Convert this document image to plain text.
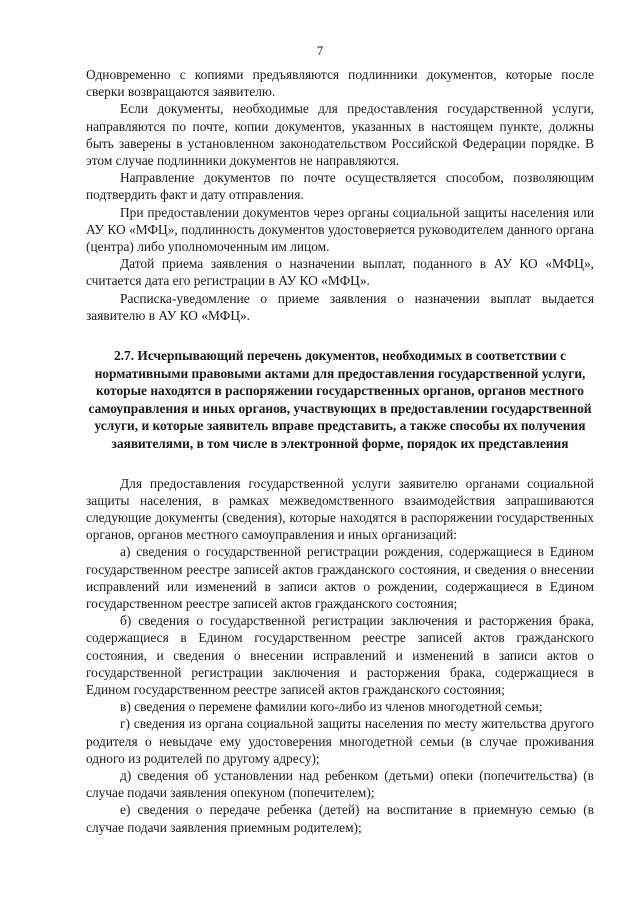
7

Одновременно с копиями предъявляются подлинники документов, которые после сверки возвращаются заявителю.

Если документы, необходимые для предоставления государственной услуги, направляются по почте, копии документов, указанных в настоящем пункте, должны быть заверены в установленном законодательством Российской Федерации порядке. В этом случае подлинники документов не направляются.

Направление документов по почте осуществляется способом, позволяющим подтвердить факт и дату отправления.

При предоставлении документов через органы социальной защиты населения или АУ КО «МФЦ», подлинность документов удостоверяется руководителем данного органа (центра) либо уполномоченным им лицом.

Датой приема заявления о назначении выплат, поданного в АУ КО «МФЦ», считается дата его регистрации в АУ КО «МФЦ».

Расписка-уведомление о приеме заявления о назначении выплат выдается заявителю в АУ КО «МФЦ».

2.7. Исчерпывающий перечень документов, необходимых в соответствии с нормативными правовыми актами для предоставления государственной услуги, которые находятся в распоряжении государственных органов, органов местного самоуправления и иных органов, участвующих в предоставлении государственной услуги, и которые заявитель вправе представить, а также способы их получения заявителями, в том числе в электронной форме, порядок их представления

Для предоставления государственной услуги заявителю органами социальной защиты населения, в рамках межведомственного взаимодействия запрашиваются следующие документы (сведения), которые находятся в распоряжении государственных органов, органов местного самоуправления и иных организаций:

а) сведения о государственной регистрации рождения, содержащиеся в Едином государственном реестре записей актов гражданского состояния, и сведения о внесении исправлений или изменений в записи актов о рождении, содержащиеся в Едином государственном реестре записей актов гражданского состояния;

б) сведения о государственной регистрации заключения и расторжения брака, содержащиеся в Едином государственном реестре записей актов гражданского состояния, и сведения о внесении исправлений и изменений в записи актов о государственной регистрации заключения и расторжения брака, содержащиеся в Едином государственном реестре записей актов гражданского состояния;

в) сведения о перемене фамилии кого-либо из членов многодетной семьи;

г) сведения из органа социальной защиты населения по месту жительства другого родителя о невыдаче ему удостоверения многодетной семьи (в случае проживания одного из родителей по другому адресу);

д) сведения об установлении над ребенком (детьми) опеки (попечительства) (в случае подачи заявления опекуном (попечителем);

е) сведения о передаче ребенка (детей) на воспитание в приемную семью (в случае подачи заявления приемным родителем);
